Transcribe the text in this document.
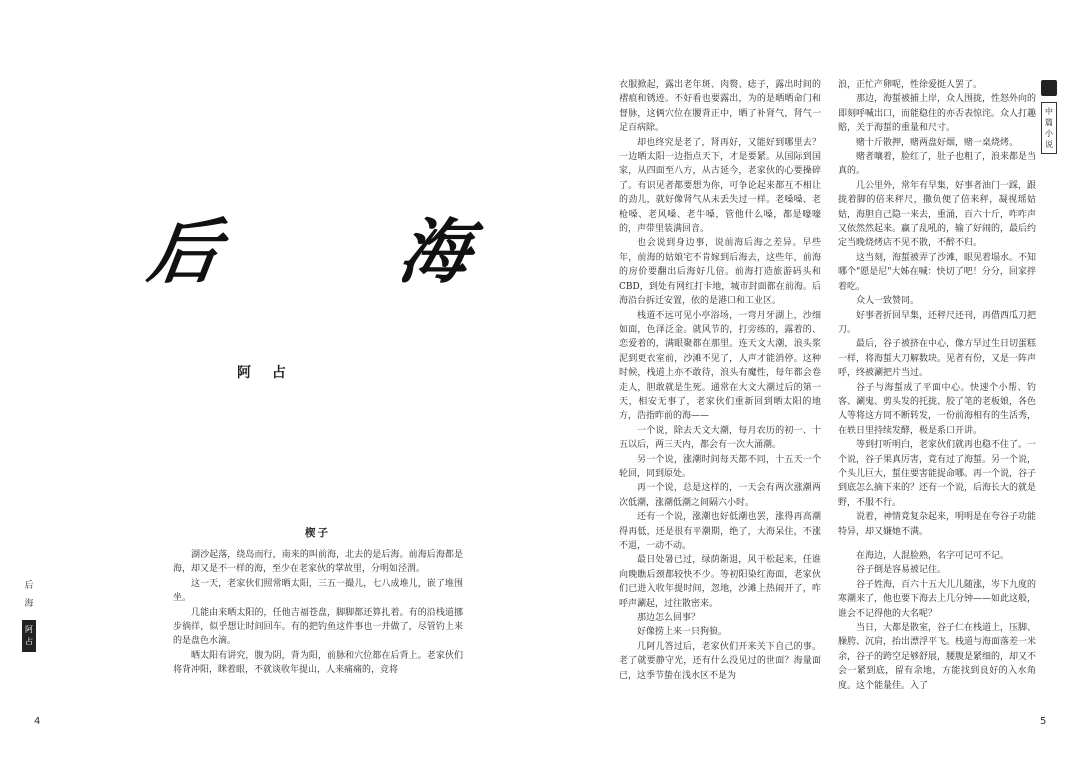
后 海
阿 占
楔子

湖沙起落，绕岛而行，南来的叫前海，北去的是后海。前海后海都是海，却又是不一样的海，至少在老家伙的掌故里，分明如泾渭。

这一天，老家伙们照常晒太阳，三五一撮儿，七八成堆儿，嵌了堆围坐。

几能由来晒太阳的，任他吉福苍盘，脚脚都还算扎着。有的沿栈道挪步徜徉，似乎想让时间回车。有的把钓鱼这件事也一并做了，尽管钓上来的是盘色水滴。

晒太阳有讲究，腹为阴，背为阳，前脉和穴位都在后背上。老家伙们将背冲阳，眯着眼，不就谈收年提山，人来痛痛的，竞将

后
海
阿
占
4

衣服掀起，露出老年斑、肉赘、痣子，露出时间的褶痕和锈迹。不好看也要露出，为的是晒晒命门和督脉，这俩穴位在腰背正中，晒了补肾气，肾气一足百病除。

却也终究是老了，肾再好，又能好到哪里去？一边晒太阳一边指点天下，才是要紧。从国际到国家，从四面至八方，从古延今，老家伙的心要操碎了。有识见者都要想为你，可争论起来都互不相让的劲儿，就好像肾气从未丢失过一样。老嗓嗓、老枪嗓、老风嗓、老牛嗓，管他什么嗓，都是嚎嚎的，声带里装满回音。

也会说到身边事，说前海后海之差异。早些年，前海的姑娘宅不肯嫁到后海去，这些年，前海的房价要翻出后海好几倍。前海打造旅游码头和CBD，到处有网红打卡地，城市封面都在前海。后海沿台拆迁安置，依的是港口和工业区。

栈道不远可见小亭浴场，一弯月牙湖上，沙细如面，色泽泛金。就风节的，打旁练的，露着的、恋爱着的，满眼聚都在那里。连天文大潮，浪头浆泥到更衣室前，沙滩不见了，人声才能消停。这种时候，栈道上亦不敢待，浪头有魔性，每年都会卷走人，胆敢就是生死。通常在大文大潮过后的第一天，相安无事了，老家伙们重新回到晒太阳的地方，浩指昨前的海——

一个说，除去天文大潮，每月农历的初一、十五以后，两三天内，都会有一次大涌潮。

另一个说，涨潮时间每天都不同，十五天一个轮回，同到原处。

再一个说，总是这样的，一天会有两次涨潮两次低潮，涨潮低潮之间隔六小时。

还有一个说，涨潮也好低潮也罢，涨得再高潮得再低，还是很有平潮期，绝了，大海呆住，不涨不退，一动不动。

最日处暑已过，绿荫渐退，风干松起来，任谁向晚瞧后颈都较快不少。等初阳染红海面，老家伙们已进入收年提时间，忽地，沙滩上热闹开了，咋呼声涮起，过往散密来。

那边怎么回事？

好像捞上来一只狗狼。

几阿儿答过后，老家伙们开来关下自己的事。老了就要静守光，还有什么没见过的世面？海量面已，这季节蛰在浅水区不是为

浪，正忙产卵呢，性徐爱挺人罢了。

那边，海蜇被捕上岸，众人围拢，性怒外向的即刻呼喊出口，而能稳住的亦否表惊诧。众人打趣赔，关于海蜇的重量和尺寸。

赌十斤散押，赌两盘好烟，赌一桌烧烤。

赌者嚷着，脸红了，肚子也粗了，浪来都是当真的。

几公里外，常年有早集，好事者油门一踩，跟拢着脚的倍来秤尺，撒负便了倍来秤，凝视瑶姑姑，海胆自己隐一来去，重涌，百六十斤，咋咋声又依然然起来。赢了乱吼的，输了好闹的，最后约定当晚烧烤店不见不散，不醉不归。

这当刻，海蜇被弄了沙滩，眼见着塌水。不知哪个"愿是尼"大姊在喊：快切了吧！分分，回家拌着吃。

众人一致赞同。

好事者折回早集，还秤尺还刊，再借西瓜刀把刀。

最后，谷子被挤在中心，像方早过生日切蛋糕一样，将海蜇大刀解数块。见者有份，又是一阵声呼，终被涮把片当过。

谷子与海蜇成了平面中心。快速个小帮、钓客、涮鬼、剪头发的托拢、胶了笔的老板娘，各色人等将这方同不断转发，一份前海相有的生活秀，在轶日里持续发酵，极是系口开讲。

等到打听明白，老家伙们就再也稳不住了。一个说，谷子果真厉害，竟有过了海蜇。另一个说，个头儿巨大，蜇住要害能捉命哪。再一个说，谷子到底怎么摘下来的？还有一个说，后海长大的就是野，不服不行。

说着，神情竟复杂起来，明明是在夸谷子功能特异，却又嫌她不满。

在海边，人混脸熟，名字可记可不记。

谷子倒是容易被记住。

谷子姓海，百六十五大儿儿随涨，岑下九度的寒潮来了，他也要下海去上几分钟——如此这般，谁会不记得他的大名呢？

当日，大都是散室，谷子仁在栈道上，压脚、臊胯、沉肩，抬出漂浮平飞。栈道与海面落差一米余，谷子的跨空足够舒展，腰腹是紧细的，却又不会一紧到底，留有余地，方能找到良好的入水角度。这个能量佳。入了

中
篇
小
说
5
